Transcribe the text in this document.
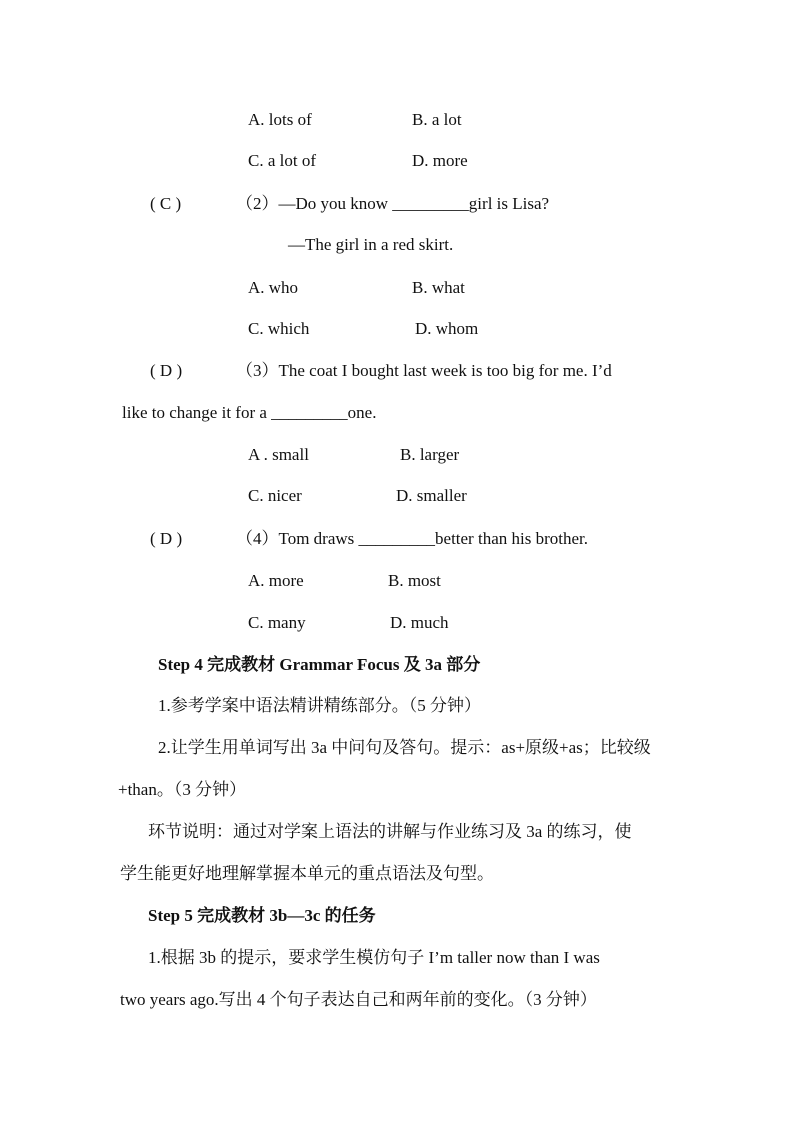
A. lots of	B. a lot
C. a lot of	D. more
( C )	（2）—Do you know _________girl is Lisa?
—The girl in a red skirt.
A. who	B. what
C. which	D. whom
( D )	（3）The coat I bought last week is too big for me. I’d
like to change it for a _________one.
A . small	B. larger
C. nicer	D. smaller
( D )	（4）Tom draws _________better than his brother.
A. more	B. most
C. many	D. much
Step 4 完成教材 Grammar Focus 及 3a 部分
1.参考学案中语法精讲精练部分。（5 分钟）
2.让学生用单词写出 3a 中问句及答句。提示：as+原级+as；比较级
+than。（3 分钟）
环节说明：通过对学案上语法的讲解与作业练习及 3a 的练习，使
学生能更好地理解掌握本单元的重点语法及句型。
Step 5 完成教材 3b—3c 的任务
1.根据 3b 的提示，要求学生模仿句子 I’m taller now than I was
two years ago.写出 4 个句子表达自己和两年前的变化。（3 分钟）
